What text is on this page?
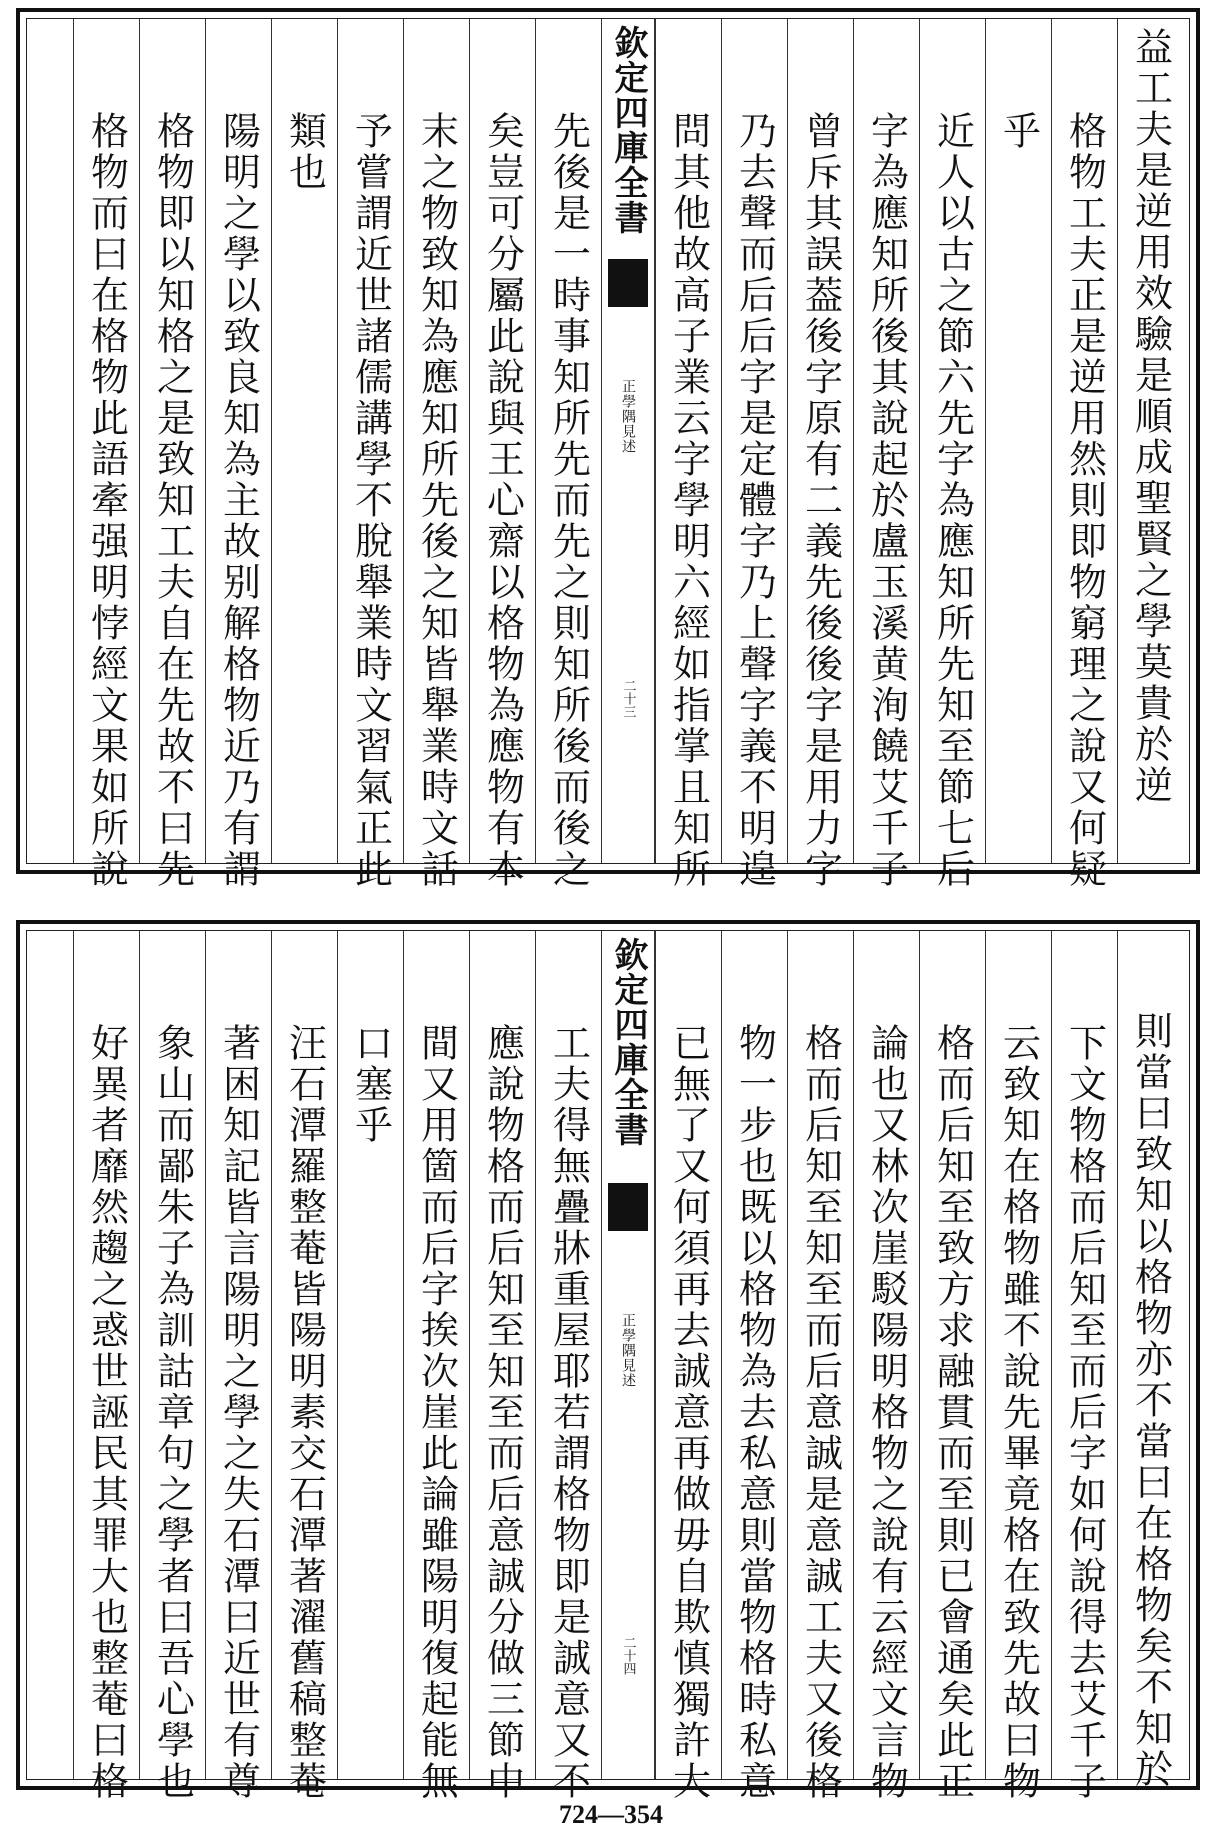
益工夫是逆用效驗是順成聖賢之學莫貴於逆
格物工夫正是逆用然則即物窮理之說又何疑
乎
近人以古之節六先字為應知所先知至節七后
字為應知所後其說起於盧玉溪黄洵饒艾千子
曾斥其誤葢後字原有二義先後後字是用力字
乃去聲而后后字是定體字乃上聲字義不明遑
問其他故高子業云字學明六經如指掌且知所
欽定四庫全書
正學隅見述
二十三
先後是一時事知所先而先之則知所後而後之
矣豈可分屬此說與王心齋以格物為應物有本
末之物致知為應知所先後之知皆舉業時文話
予嘗謂近世諸儒講學不脫舉業時文習氣正此
類也
陽明之學以致良知為主故别解格物近乃有謂
格物即以知格之是致知工夫自在先故不曰先
格物而曰在格物此語牽强明悖經文果如所說
則當曰致知以格物亦不當曰在格物矣不知於
下文物格而后知至而后字如何說得去艾千子
云致知在格物雖不說先畢竟格在致先故曰物
格而后知至致方求融貫而至則已會通矣此正
論也又林次崖駁陽明格物之說有云經文言物
格而后知至知至而后意誠是意誠工夫又後格
物一步也既以格物為去私意則當物格時私意
已無了又何須再去誠意再做毋自欺慎獨許大
欽定四庫全書
正學隅見述
二十四
工夫得無疊牀重屋耶若謂格物即是誠意又不
應說物格而后知至知至而后意誠分做三節中
間又用箇而后字挨次崖此論雖陽明復起能無
口塞乎
汪石潭羅整菴皆陽明素交石潭著濯舊稿整菴
著困知記皆言陽明之學之失石潭曰近世有尊
象山而鄙朱子為訓詁章句之學者曰吾心學也
好異者靡然趨之惑世誣民其罪大也整菴曰格
724—354
